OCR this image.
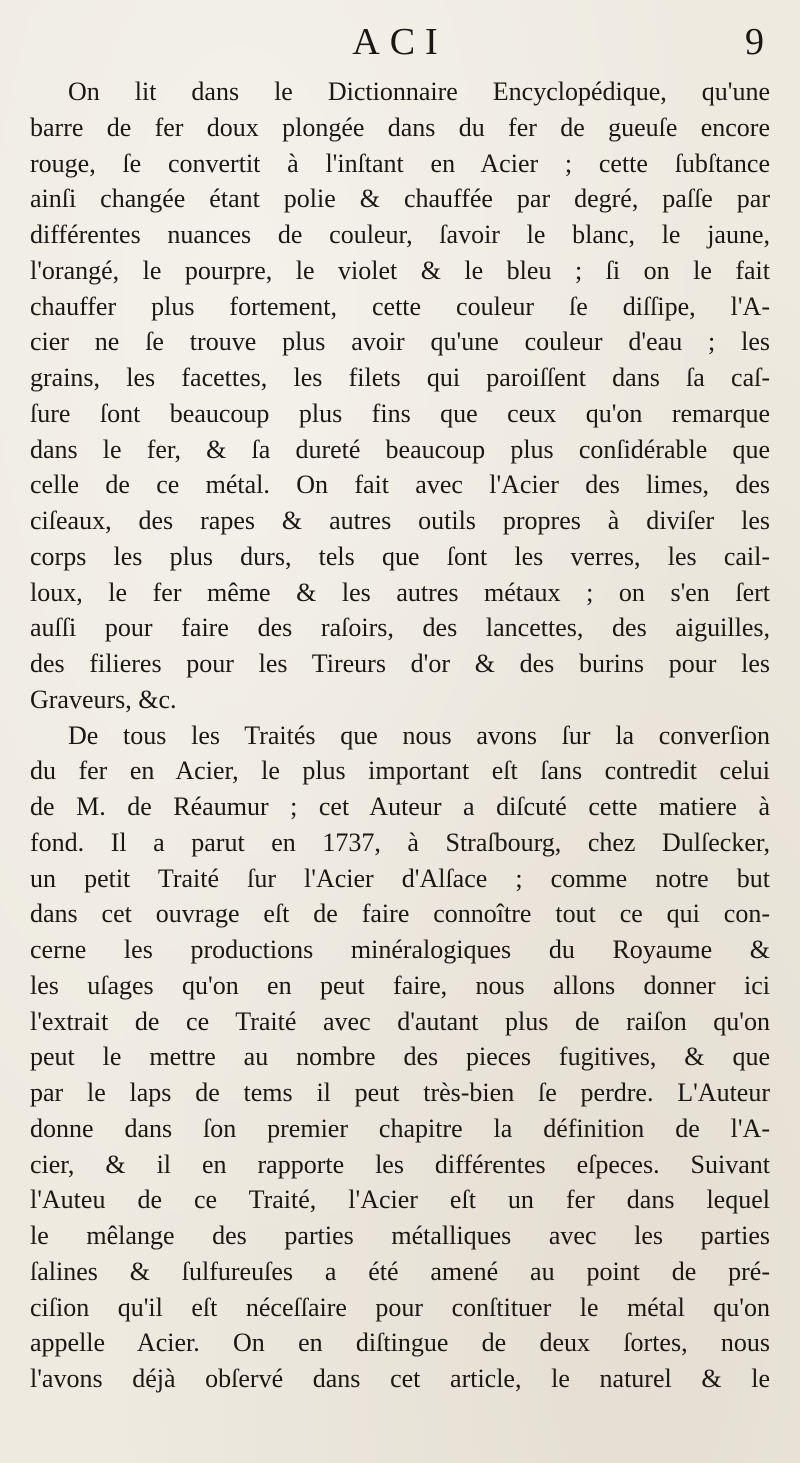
ACI	9
On lit dans le Dictionnaire Encyclopédique, qu'une
barre de fer doux plongée dans du fer de gueuſe encore
rouge, ſe convertit à l'inſtant en Acier ; cette ſubſtance
ainſi changée étant polie & chauffée par degré, paſſe par
différentes nuances de couleur, ſavoir le blanc, le jaune,
l'orangé, le pourpre, le violet & le bleu ; ſi on le fait
chauffer plus fortement, cette couleur ſe diſſipe, l'A-
cier ne ſe trouve plus avoir qu'une couleur d'eau ; les
grains, les facettes, les filets qui paroiſſent dans ſa caſ-
ſure ſont beaucoup plus fins que ceux qu'on remarque
dans le fer, & ſa dureté beaucoup plus conſidérable que
celle de ce métal. On fait avec l'Acier des limes, des
ciſeaux, des rapes & autres outils propres à diviſer les
corps les plus durs, tels que ſont les verres, les cail-
loux, le fer même & les autres métaux ; on s'en ſert
auſſi pour faire des raſoirs, des lancettes, des aiguilles,
des filieres pour les Tireurs d'or & des burins pour les
Graveurs, &c.
De tous les Traités que nous avons ſur la converſion
du fer en Acier, le plus important eſt ſans contredit celui
de M. de Réaumur ; cet Auteur a diſcuté cette matiere à
fond. Il a parut en 1737, à Straſbourg, chez Dulſecker,
un petit Traité ſur l'Acier d'Alſace ; comme notre but
dans cet ouvrage eſt de faire connoître tout ce qui con-
cerne les productions minéralogiques du Royaume &
les uſages qu'on en peut faire, nous allons donner ici
l'extrait de ce Traité avec d'autant plus de raiſon qu'on
peut le mettre au nombre des pieces fugitives, & que
par le laps de tems il peut très-bien ſe perdre. L'Auteur
donne dans ſon premier chapitre la définition de l'A-
cier, & il en rapporte les différentes eſpeces. Suivant
l'Auteu de ce Traité, l'Acier eſt un fer dans lequel
le mêlange des parties métalliques avec les parties
ſalines & ſulfureuſes a été amené au point de pré-
ciſion qu'il eſt néceſſaire pour conſtituer le métal qu'on
appelle Acier. On en diſtingue de deux ſortes, nous
l'avons déjà obſervé dans cet article, le naturel & le
